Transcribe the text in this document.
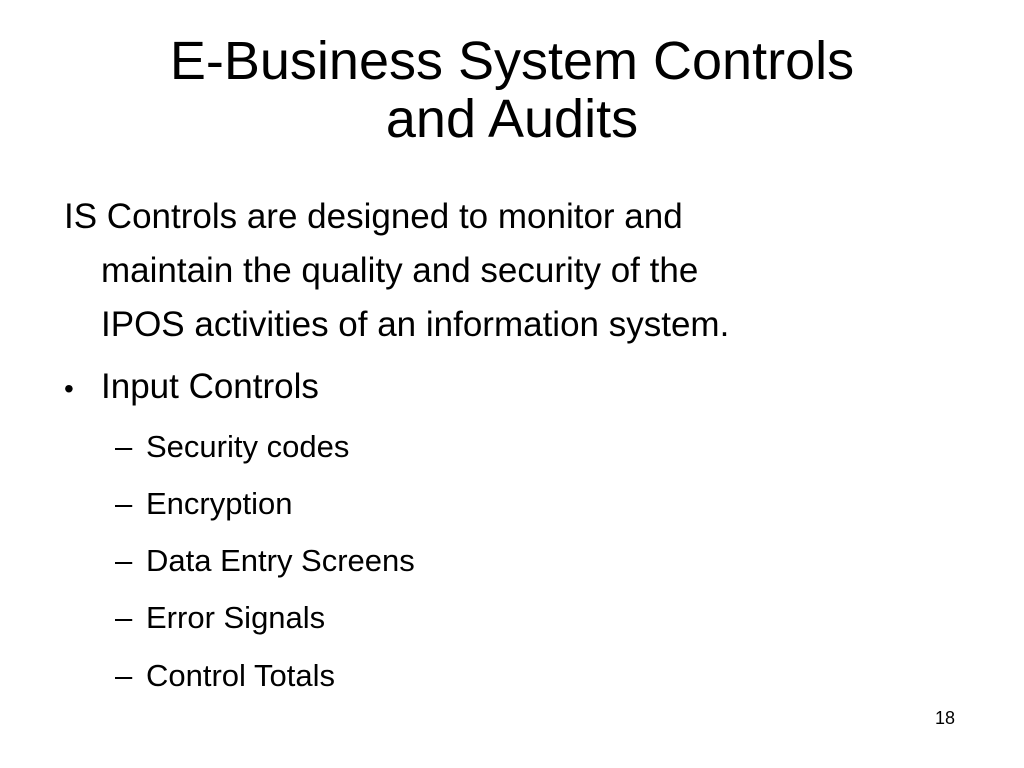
E-Business System Controls
and Audits
IS Controls are designed to monitor and
maintain the quality and security of the
IPOS activities of an information system.
• Input Controls
– Security codes
– Encryption
– Data Entry Screens
– Error Signals
– Control Totals
18
